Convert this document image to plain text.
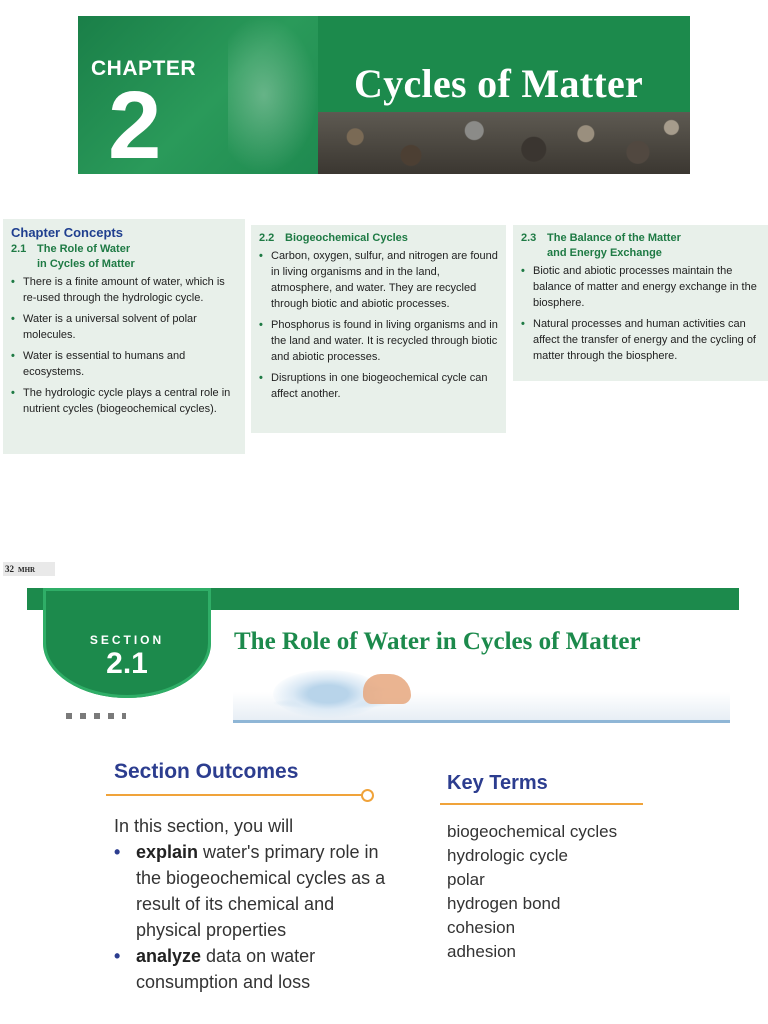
CHAPTER
2	Cycles of Matter
Chapter Concepts
2.1 The Role of Water
in Cycles of Matter
• There is a finite amount of water, which is re-used through the hydrologic cycle.
• Water is a universal solvent of polar molecules.
• Water is essential to humans and ecosystems.
• The hydrologic cycle plays a central role in nutrient cycles (biogeochemical cycles).
2.2 Biogeochemical Cycles
• Carbon, oxygen, sulfur, and nitrogen are found in living organisms and in the land, atmosphere, and water. They are recycled through biotic and abiotic processes.
• Phosphorus is found in living organisms and in the land and water. It is recycled through biotic and abiotic processes.
• Disruptions in one biogeochemical cycle can affect another.
2.3 The Balance of the Matter
and Energy Exchange
• Biotic and abiotic processes maintain the balance of matter and energy exchange in the biosphere.
• Natural processes and human activities can affect the transfer of energy and the cycling of matter through the biosphere.
32 MHR
SECTION
2.1
The Role of Water in Cycles of Matter
Section Outcomes
In this section, you will
• explain water's primary role in the biogeochemical cycles as a result of its chemical and physical properties
• analyze data on water consumption and loss
Key Terms
biogeochemical cycles
hydrologic cycle
polar
hydrogen bond
cohesion
adhesion
